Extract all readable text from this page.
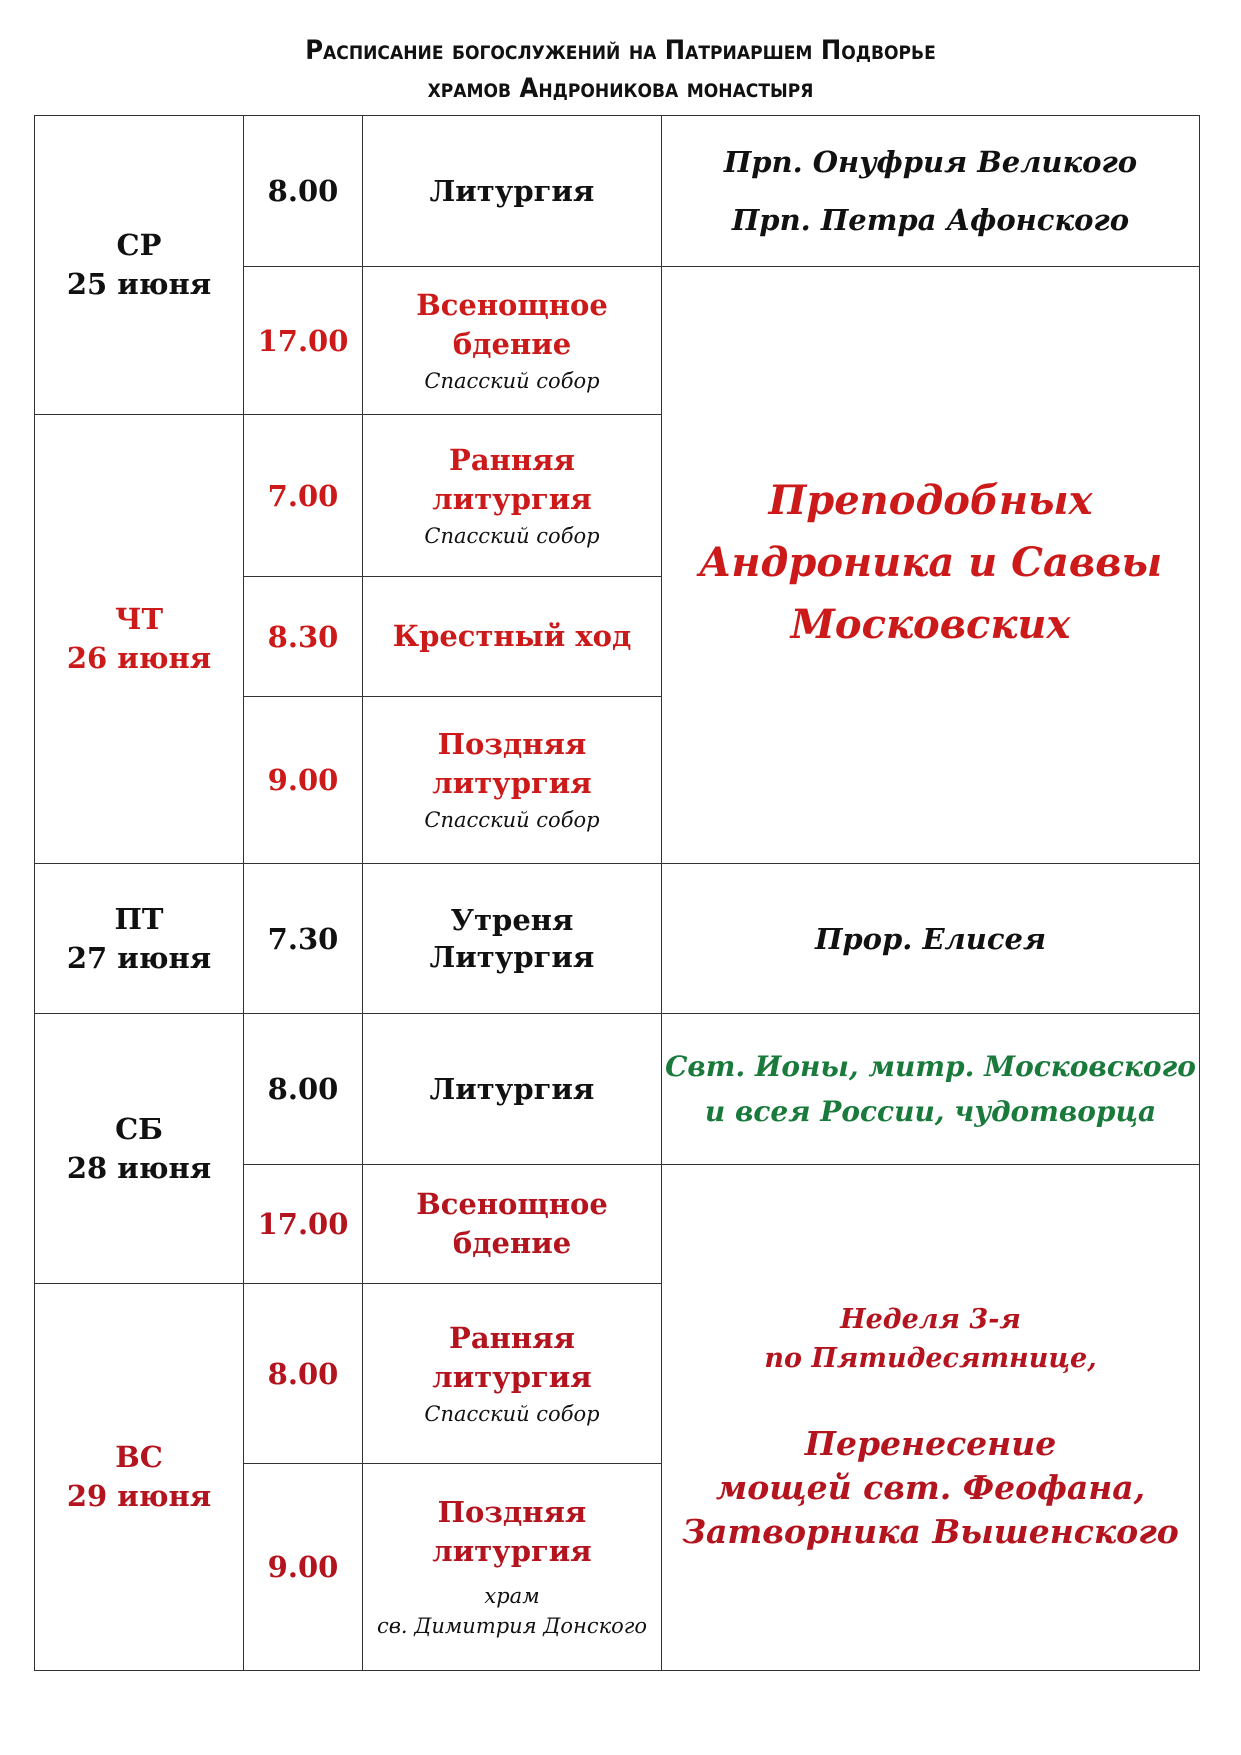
Расписание богослужений на Патриаршем Подворье
храмов Андроникова монастыря
СР
25 июня
ЧТ
26 июня
ПТ
27 июня
СБ
28 июня
ВС
29 июня
8.00
17.00
7.00
8.30
9.00
7.30
8.00
17.00
8.00
9.00
Литургия
Всенощное
бдение
Спасский собор
Ранняя
литургия
Спасский собор
Крестный ход
Поздняя
литургия
Спасский собор
Утреня
Литургия
Литургия
Всенощное
бдение
Ранняя
литургия
Спасский собор
Поздняя
литургия
храм
св. Димитрия Донского
Прп. Онуфрия Великого
Прп. Петра Афонского
Преподобных
Андроника и Саввы
Московских
Прор. Елисея
Свт. Ионы, митр. Московского
и всея России, чудотворца
Неделя 3-я
по Пятидесятнице,
Перенесение
мощей свт. Феофана,
Затворника Вышенского
